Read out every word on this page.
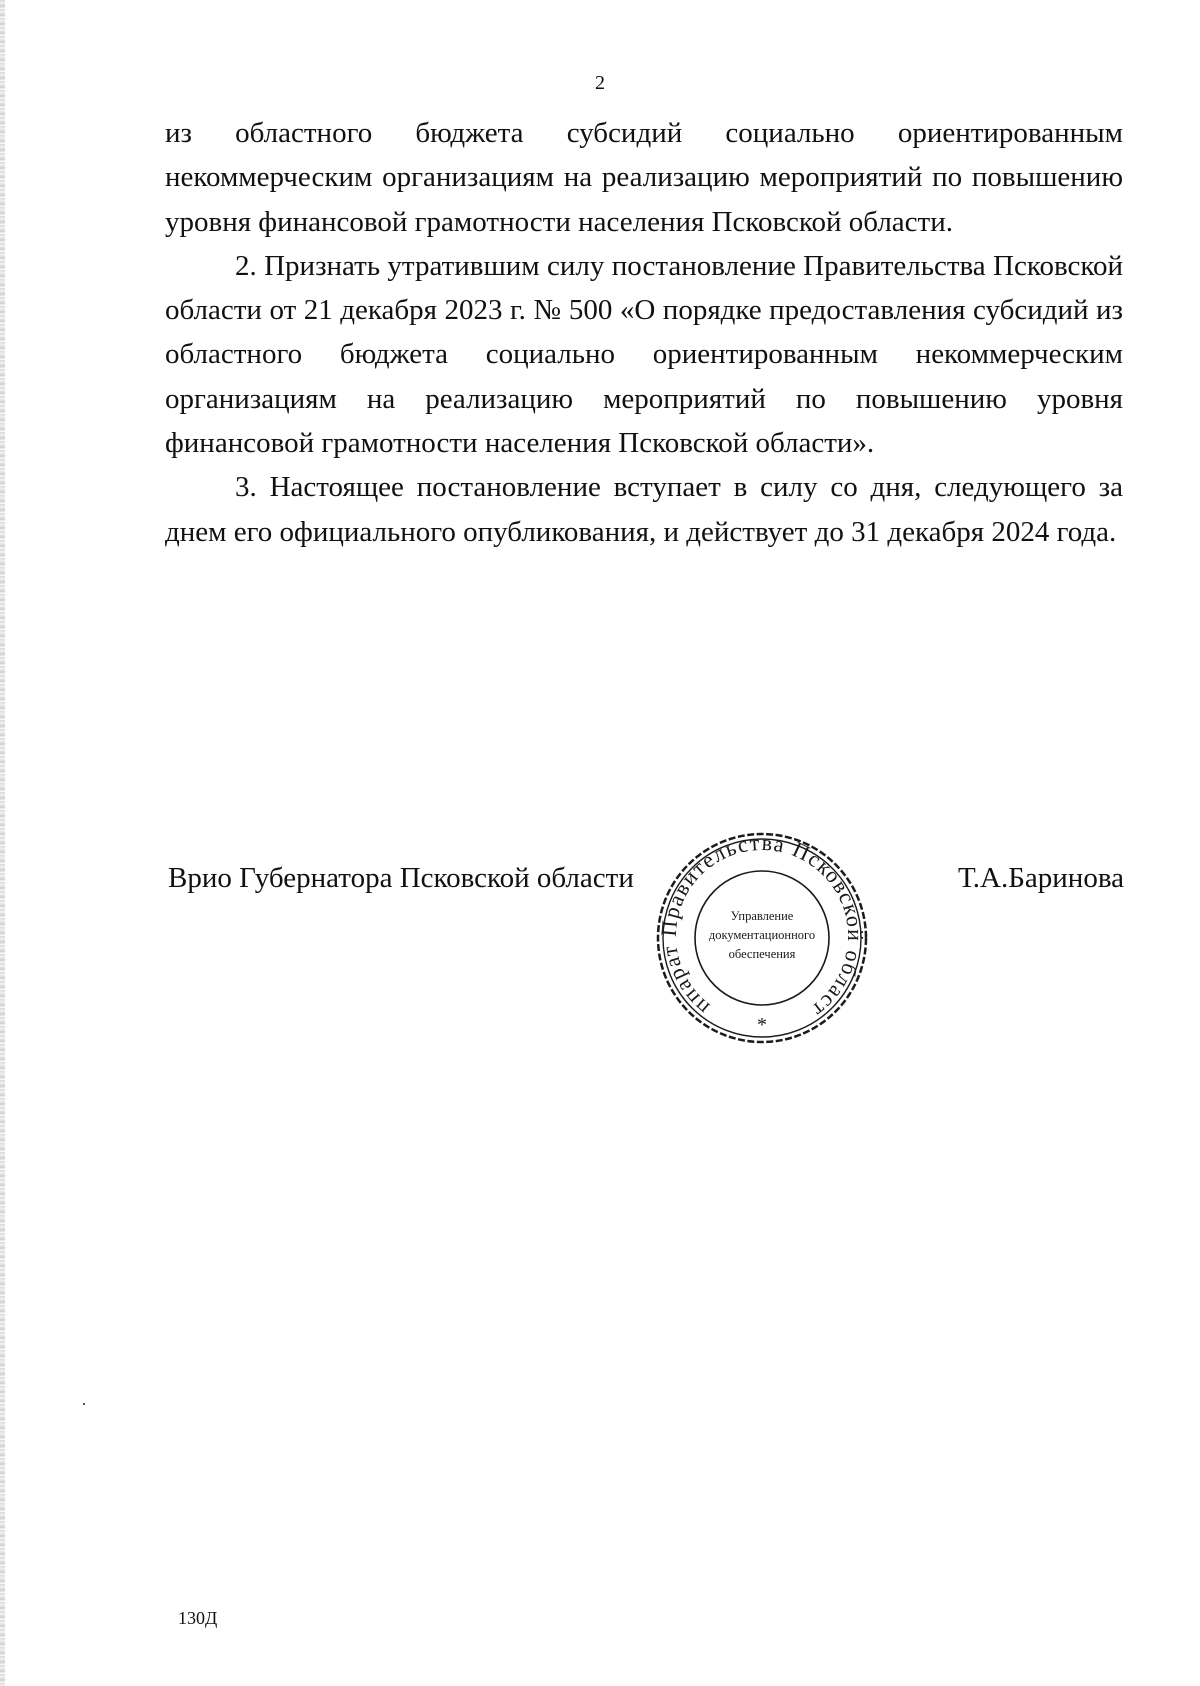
2

из областного бюджета субсидий социально ориентированным некоммерческим организациям на реализацию мероприятий по повышению уровня финансовой грамотности населения Псковской области.

2. Признать утратившим силу постановление Правительства Псковской области от 21 декабря 2023 г. № 500 «О порядке предоставления субсидий из областного бюджета социально ориентированным некоммерческим организациям на реализацию мероприятий по повышению уровня финансовой грамотности населения Псковской области».

3. Настоящее постановление вступает в силу со дня, следующего за днем его официального опубликования, и действует до 31 декабря 2024 года.

Врио Губернатора Псковской области
ппарат Правительства Псковской област
Управление
документационного
обеспечения
*
Т.А.Баринова
130Д
